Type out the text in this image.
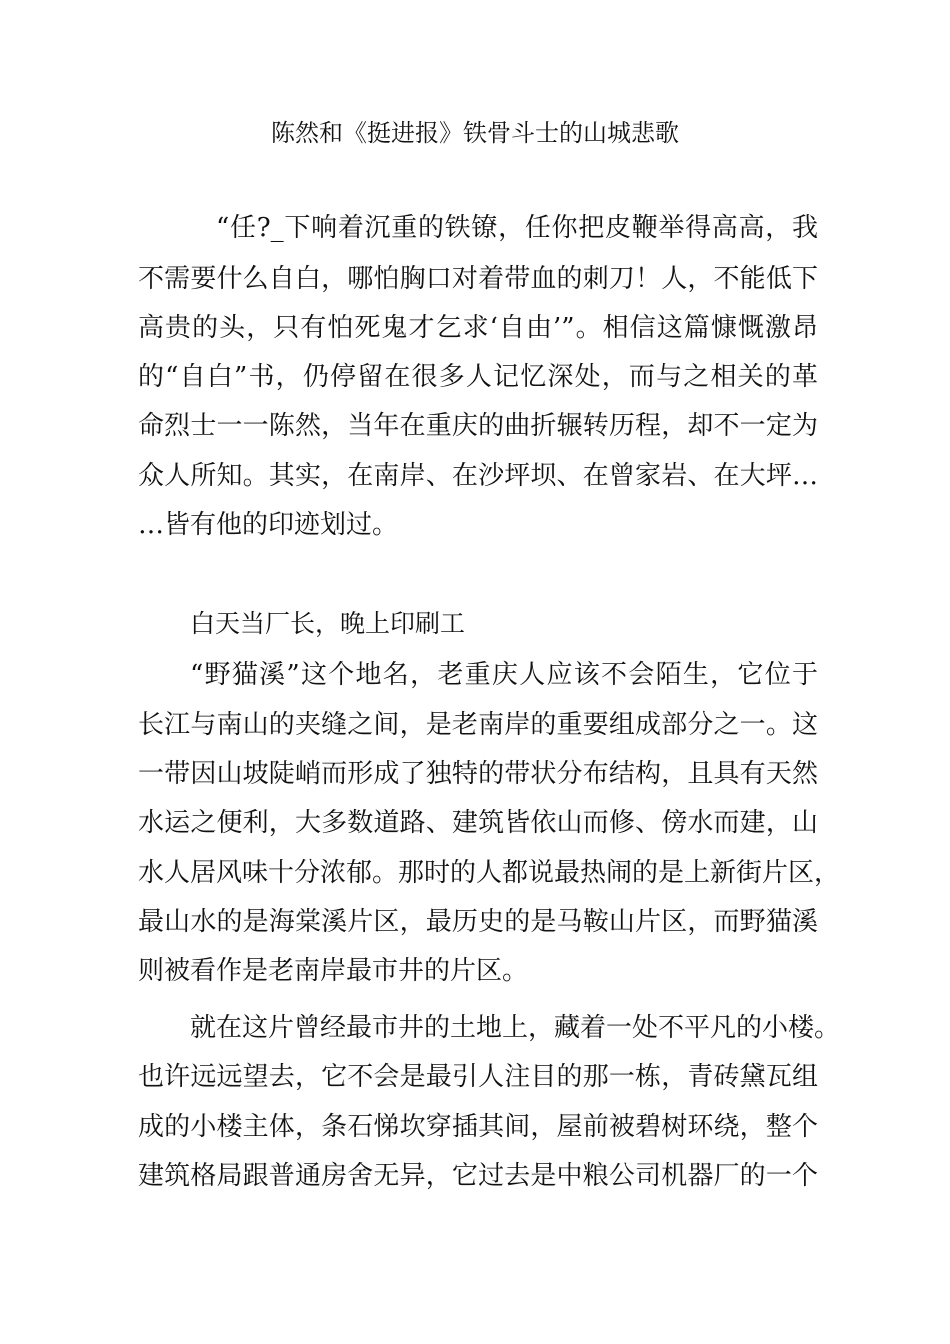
陈然和《挺进报》铁骨斗士的山城悲歌

“任?_下响着沉重的铁镣，任你把皮鞭举得高高，我

不需要什么自白，哪怕胸口对着带血的刺刀！人，不能低下

高贵的头，只有怕死鬼才乞求‘自由’”。相信这篇慷慨激昂

的“自白”书，仍停留在很多人记忆深处，而与之相关的革

命烈士一一陈然，当年在重庆的曲折辗转历程，却不一定为

众人所知。其实，在南岸、在沙坪坝、在曾家岩、在大坪…

…皆有他的印迹划过。

白天当厂长，晚上印刷工

“野猫溪”这个地名，老重庆人应该不会陌生，它位于

长江与南山的夹缝之间，是老南岸的重要组成部分之一。这

一带因山坡陡峭而形成了独特的带状分布结构，且具有天然

水运之便利，大多数道路、建筑皆依山而修、傍水而建，山

水人居风味十分浓郁。那时的人都说最热闹的是上新街片区，

最山水的是海棠溪片区，最历史的是马鞍山片区，而野猫溪

则被看作是老南岸最市井的片区。

就在这片曾经最市井的土地上，藏着一处不平凡的小楼。

也许远远望去，它不会是最引人注目的那一栋，青砖黛瓦组

成的小楼主体，条石悌坎穿插其间，屋前被碧树环绕，整个

建筑格局跟普通房舍无异，它过去是中粮公司机器厂的一个
